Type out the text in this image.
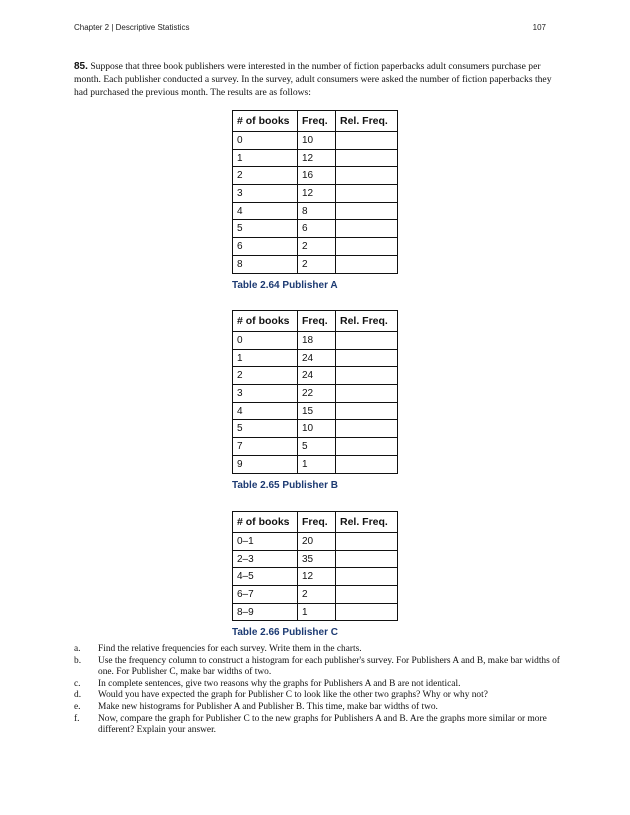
Chapter 2 | Descriptive Statistics	107

85. Suppose that three book publishers were interested in the number of fiction paperbacks adult consumers purchase per month. Each publisher conducted a survey. In the survey, adult consumers were asked the number of fiction paperbacks they had purchased the previous month. The results are as follows:

# of books	Freq.	Rel. Freq.
0	10	
1	12	
2	16	
3	12	
4	8	
5	6	
6	2	
8	2	
Table 2.64 Publisher A
# of books	Freq.	Rel. Freq.
0	18	
1	24	
2	24	
3	22	
4	15	
5	10	
7	5	
9	1	
Table 2.65 Publisher B
# of books	Freq.	Rel. Freq.
0–1	20	
2–3	35	
4–5	12	
6–7	2	
8–9	1	
Table 2.66 Publisher C
a.	Find the relative frequencies for each survey. Write them in the charts.
b.	Use the frequency column to construct a histogram for each publisher's survey. For Publishers A and B, make bar widths of one. For Publisher C, make bar widths of two.
c.	In complete sentences, give two reasons why the graphs for Publishers A and B are not identical.
d.	Would you have expected the graph for Publisher C to look like the other two graphs? Why or why not?
e.	Make new histograms for Publisher A and Publisher B. This time, make bar widths of two.
f.	Now, compare the graph for Publisher C to the new graphs for Publishers A and B. Are the graphs more similar or more different? Explain your answer.
